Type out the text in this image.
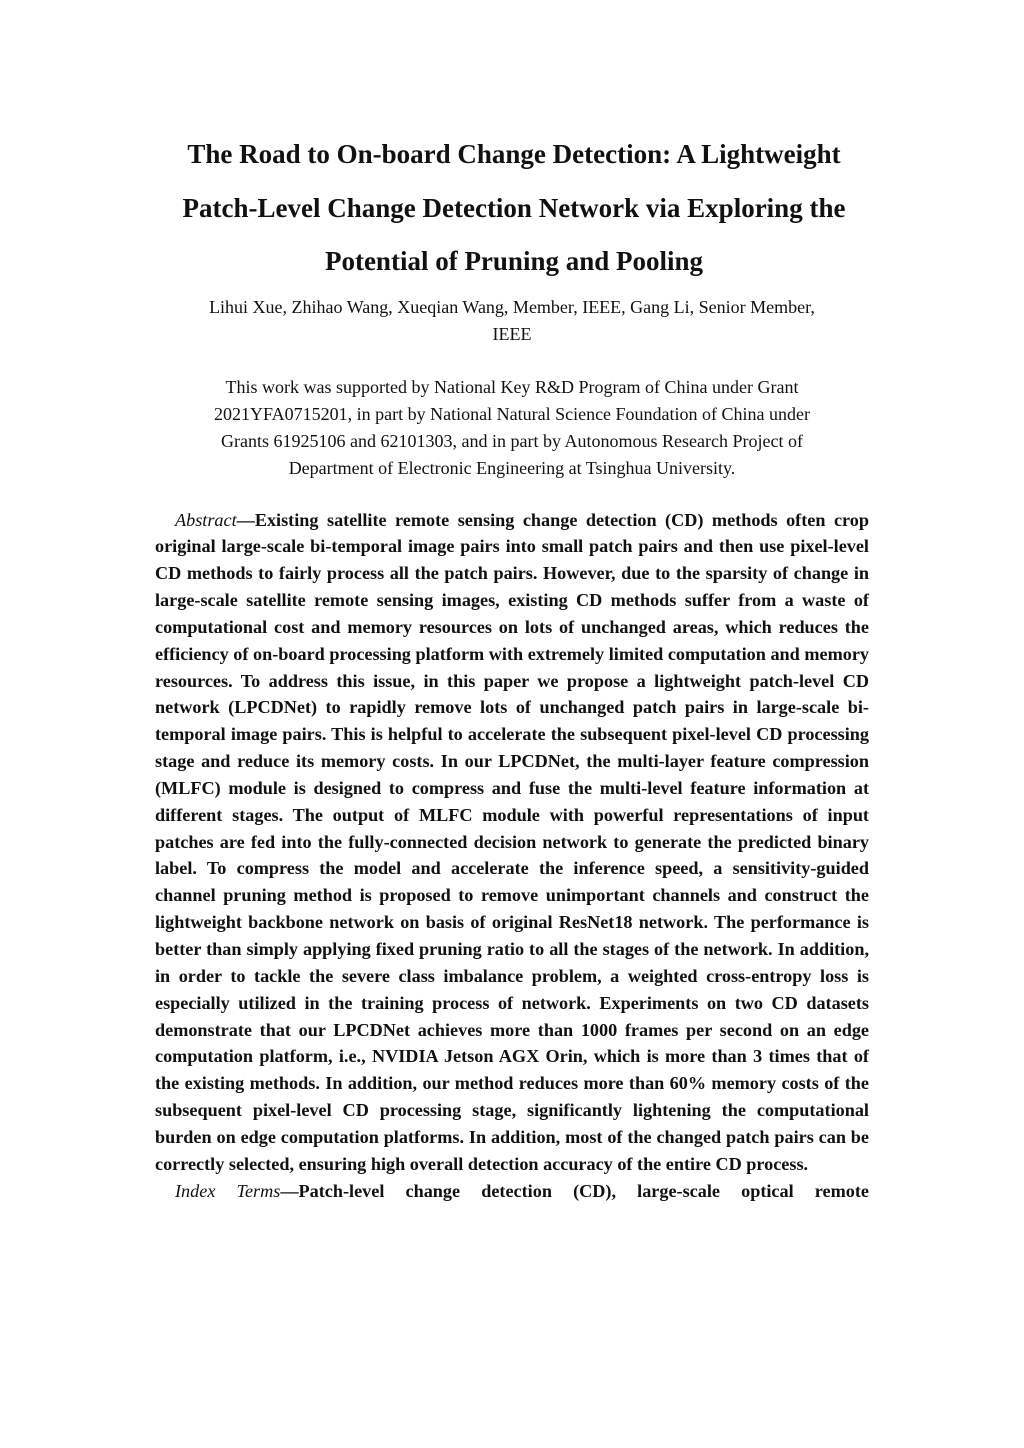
The Road to On-board Change Detection: A Lightweight
Patch-Level Change Detection Network via Exploring the
Potential of Pruning and Pooling
Lihui Xue, Zhihao Wang, Xueqian Wang, Member, IEEE, Gang Li, Senior Member,
IEEE
This work was supported by National Key R&D Program of China under Grant
2021YFA0715201, in part by National Natural Science Foundation of China under
Grants 61925106 and 62101303, and in part by Autonomous Research Project of
Department of Electronic Engineering at Tsinghua University.

Abstract—Existing satellite remote sensing change detection (CD) methods often crop original large-scale bi-temporal image pairs into small patch pairs and then use pixel-level CD methods to fairly process all the patch pairs. However, due to the sparsity of change in large-scale satellite remote sensing images, existing CD methods suffer from a waste of computational cost and memory resources on lots of unchanged areas, which reduces the efficiency of on-board processing platform with extremely limited computation and memory resources. To address this issue, in this paper we propose a lightweight patch-level CD network (LPCDNet) to rapidly remove lots of unchanged patch pairs in large-scale bi-temporal image pairs. This is helpful to accelerate the subsequent pixel-level CD processing stage and reduce its memory costs. In our LPCDNet, the multi-layer feature compression (MLFC) module is designed to compress and fuse the multi-level feature information at different stages. The output of MLFC module with powerful representations of input patches are fed into the fully-connected decision network to generate the predicted binary label. To compress the model and accelerate the inference speed, a sensitivity-guided channel pruning method is proposed to remove unimportant channels and construct the lightweight backbone network on basis of original ResNet18 network. The performance is better than simply applying fixed pruning ratio to all the stages of the network. In addition, in order to tackle the severe class imbalance problem, a weighted cross-entropy loss is especially utilized in the training process of network. Experiments on two CD datasets demonstrate that our LPCDNet achieves more than 1000 frames per second on an edge computation platform, i.e., NVIDIA Jetson AGX Orin, which is more than 3 times that of the existing methods. In addition, our method reduces more than 60% memory costs of the subsequent pixel-level CD processing stage, significantly lightening the computational burden on edge computation platforms. In addition, most of the changed patch pairs can be correctly selected, ensuring high overall detection accuracy of the entire CD process.

Index Terms—Patch-level change detection (CD), large-scale optical remote
